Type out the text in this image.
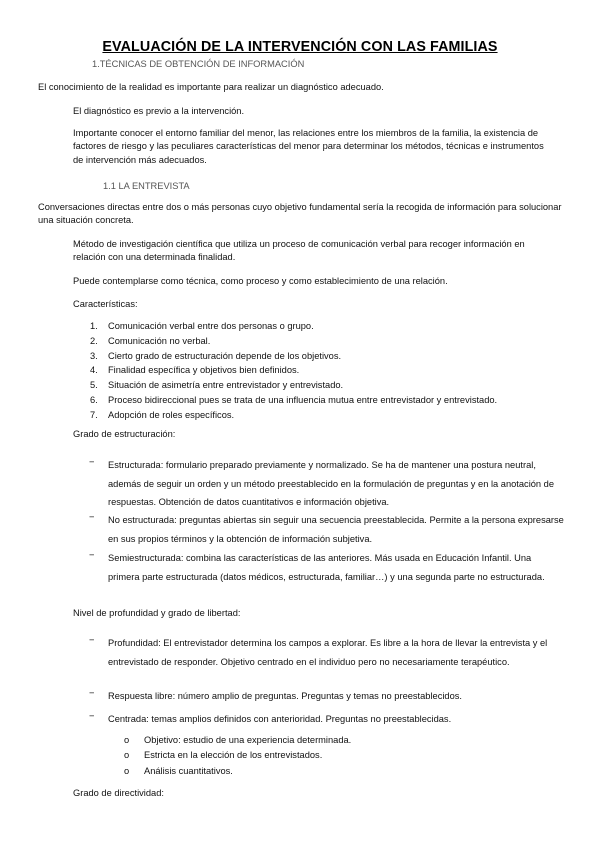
EVALUACIÓN DE LA INTERVENCIÓN CON LAS FAMILIAS
1.TÉCNICAS DE OBTENCIÓN DE INFORMACIÓN

El conocimiento de la realidad es importante para realizar un diagnóstico adecuado.

El diagnóstico es previo a la intervención.

Importante conocer el entorno familiar del menor, las relaciones entre los miembros de la familia, la existencia de factores de riesgo y las peculiares características del menor para determinar los métodos, técnicas e instrumentos de intervención más adecuados.

1.1 LA ENTREVISTA

Conversaciones directas entre dos o más personas cuyo objetivo fundamental sería la recogida de información para solucionar una situación concreta.

Método de investigación científica que utiliza un proceso de comunicación verbal para recoger información en relación con una determinada finalidad.

Puede contemplarse como técnica, como proceso y como establecimiento de una relación.

Características:

1.	Comunicación verbal entre dos personas o grupo.
2.	Comunicación no verbal.
3.	Cierto grado de estructuración depende de los objetivos.
4.	Finalidad específica y objetivos bien definidos.
5.	Situación de asimetría entre entrevistador y entrevistado.
6.	Proceso bidireccional pues se trata de una influencia mutua entre entrevistador y entrevistado.
7.	Adopción de roles específicos.

Grado de estructuración:

−	Estructurada: formulario preparado previamente y normalizado. Se ha de mantener una postura neutral, además de seguir un orden y un método preestablecido en la formulación de preguntas y en la anotación de respuestas. Obtención de datos cuantitativos e información objetiva.
−	No estructurada: preguntas abiertas sin seguir una secuencia preestablecida. Permite a la persona expresarse en sus propios términos y la obtención de información subjetiva.
−	Semiestructurada: combina las características de las anteriores. Más usada en Educación Infantil. Una primera parte estructurada (datos médicos, estructurada, familiar…) y una segunda parte no estructurada.

Nivel de profundidad y grado de libertad:

−	Profundidad: El entrevistador determina los campos a explorar. Es libre a la hora de llevar la entrevista y el entrevistado de responder. Objetivo centrado en el individuo pero no necesariamente terapéutico.
−	Respuesta libre: número amplio de preguntas. Preguntas y temas no preestablecidos.
−	Centrada: temas amplios definidos con anterioridad. Preguntas no preestablecidas.
o	Objetivo: estudio de una experiencia determinada.
o	Estricta en la elección de los entrevistados.
o	Análisis cuantitativos.

Grado de directividad:
